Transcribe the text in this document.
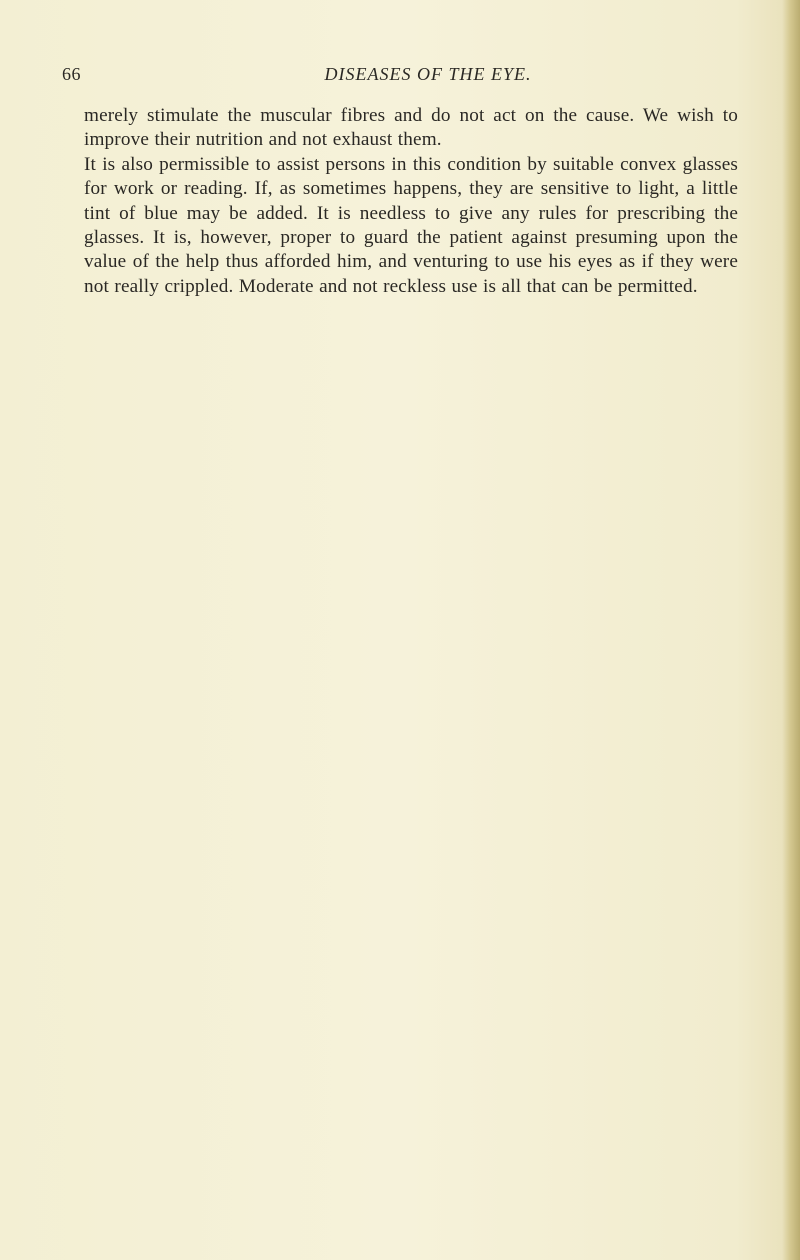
66	DISEASES OF THE EYE.

merely stimulate the muscular fibres and do not act on the cause. We wish to improve their nutrition and not exhaust them.

It is also permissible to assist persons in this condition by suitable convex glasses for work or reading. If, as sometimes happens, they are sensitive to light, a little tint of blue may be added. It is needless to give any rules for prescribing the glasses. It is, however, proper to guard the patient against presuming upon the value of the help thus afforded him, and venturing to use his eyes as if they were not really crippled. Moderate and not reckless use is all that can be permitted.
